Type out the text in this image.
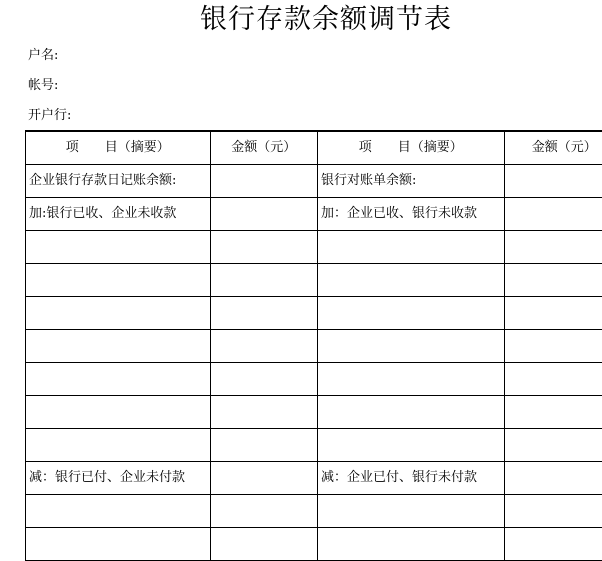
银行存款余额调节表
户名:
帐号:
开户行:
项　　目（摘要）	金额（元）	项　　目（摘要）	金额（元）
企业银行存款日记账余额:		银行对账单余额:	
加:银行已收、企业未收款		加：企业已收、银行未收款	

减：银行已付、企业未付款		减：企业已付、银行未付款	
